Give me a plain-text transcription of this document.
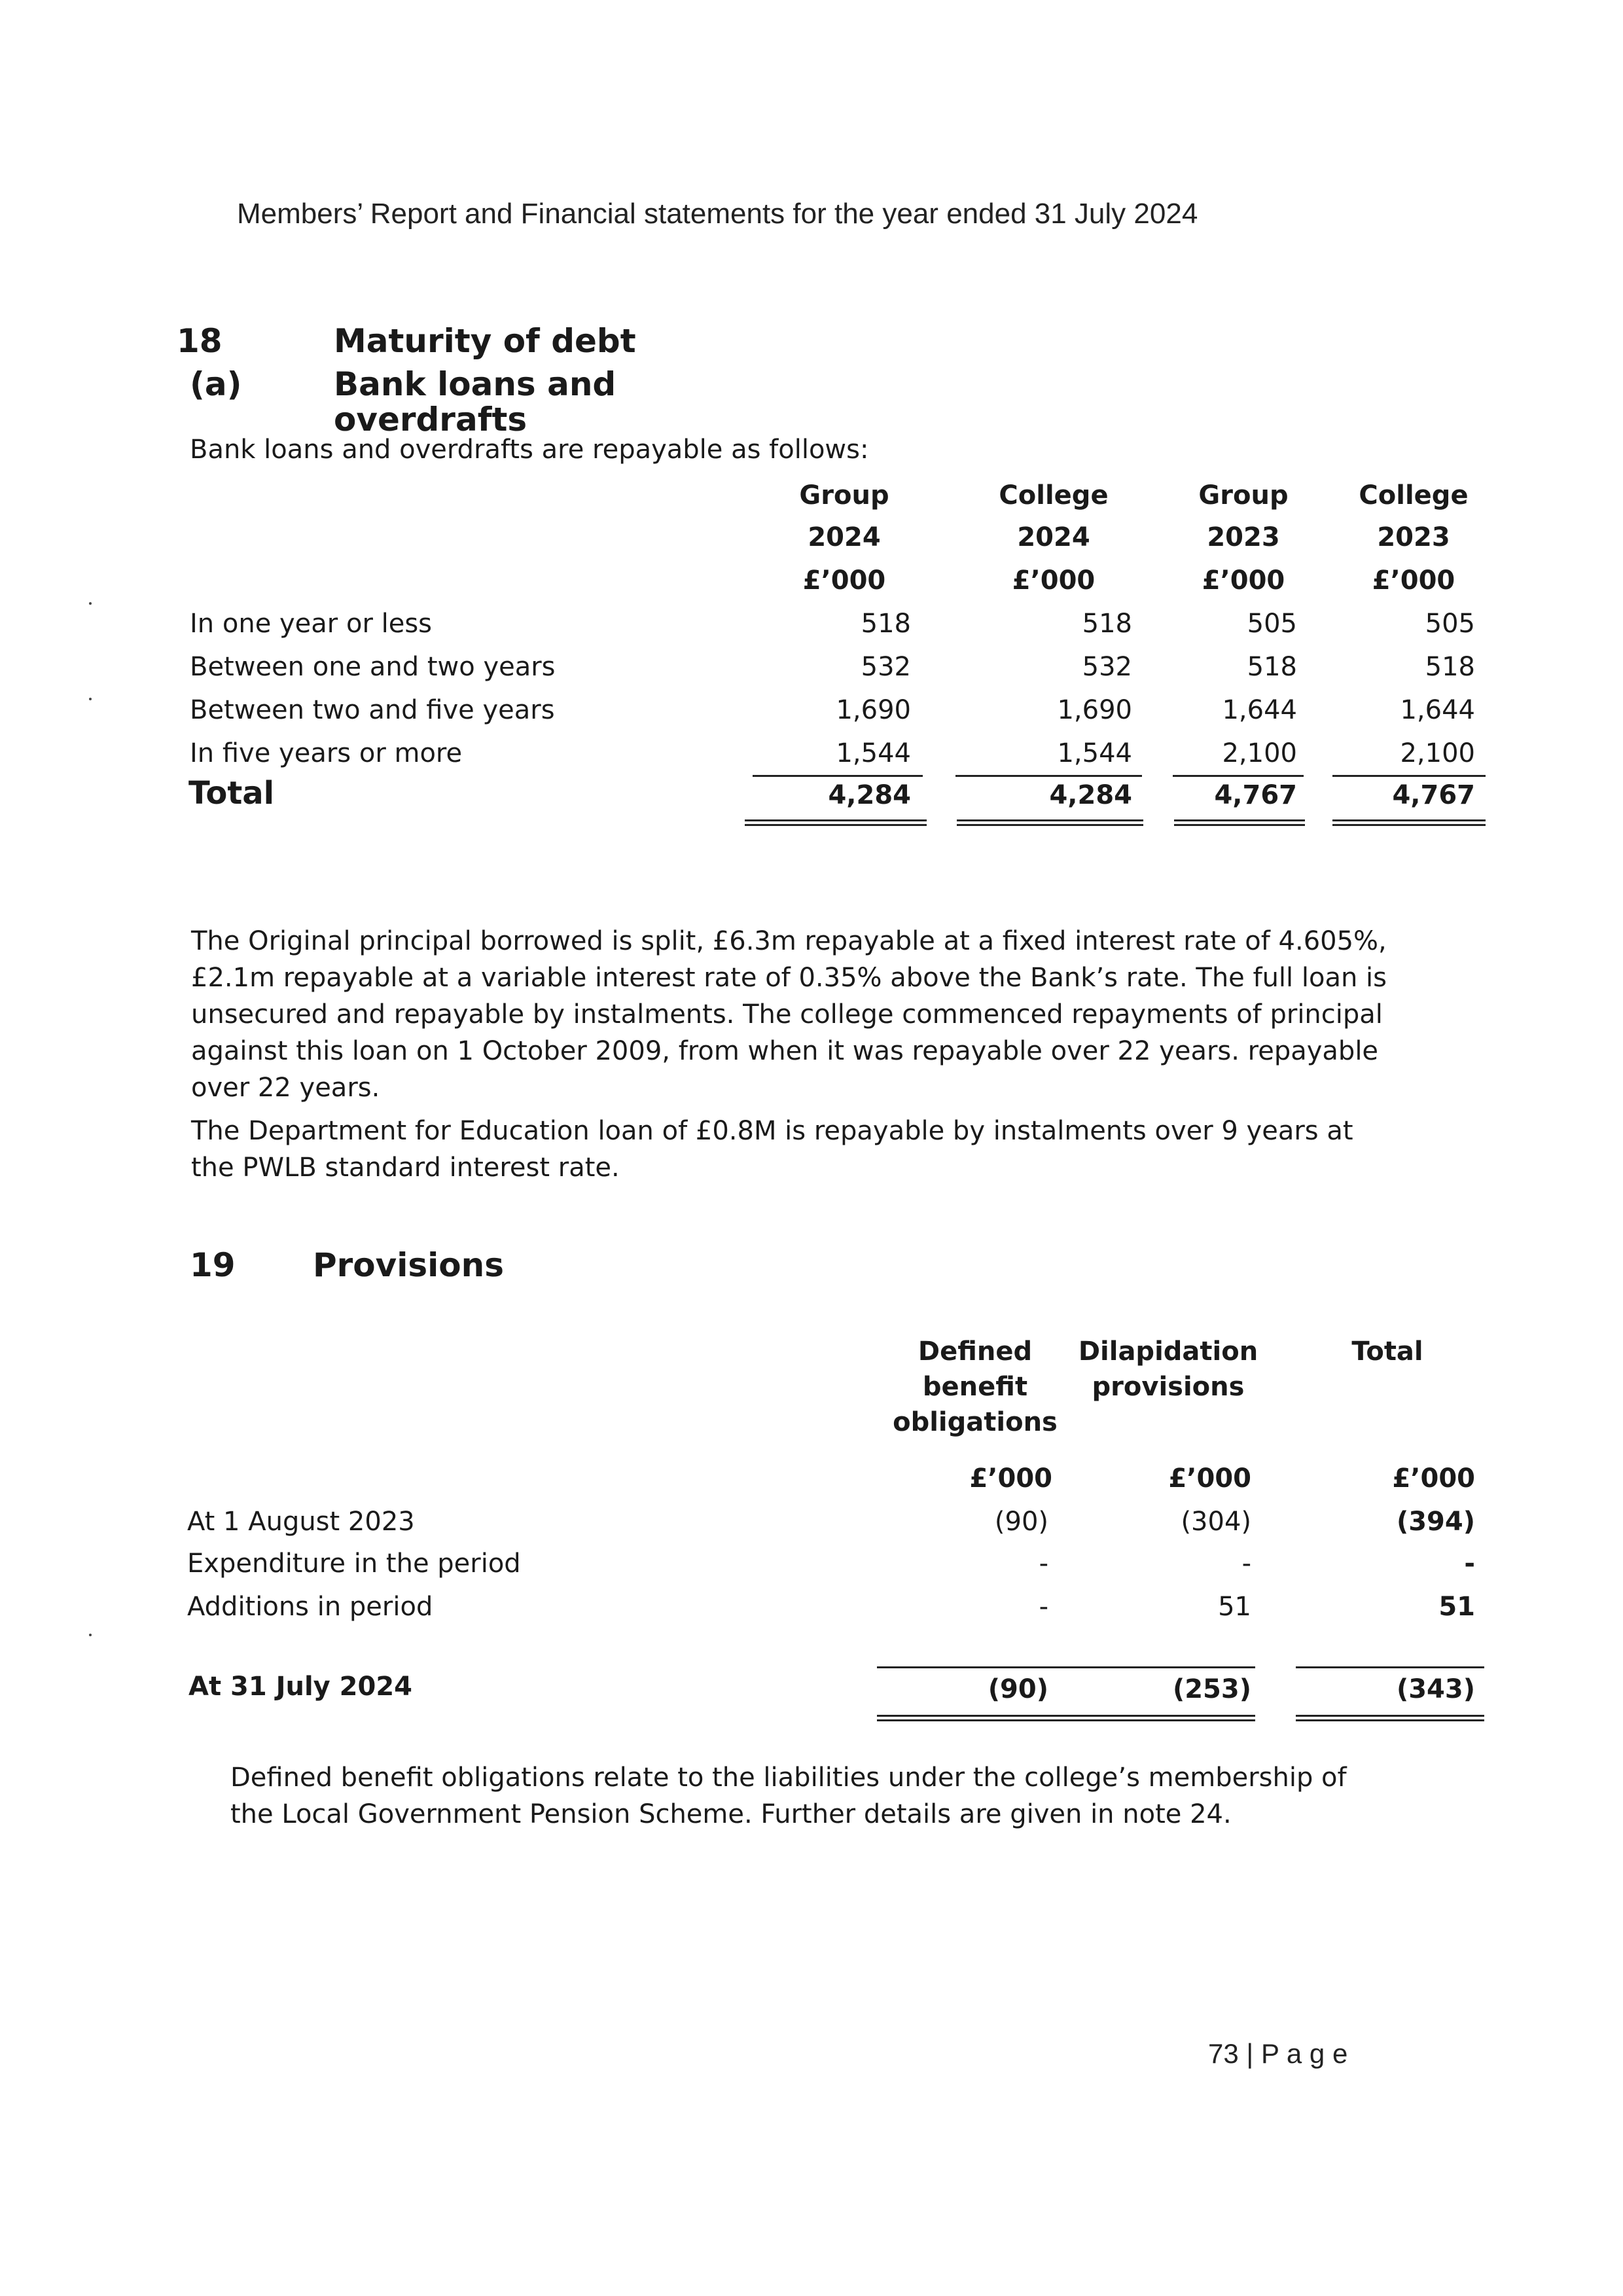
Members’ Report and Financial statements for the year ended 31 July 2024
18	Maturity of debt
(a)	Bank loans and
overdrafts
Bank loans and overdrafts are repayable as follows:
Group
2024
£’000
College
2024
£’000
Group
2023
£’000
College
2023
£’000
In one year or less	518	518	505	505
Between one and two years	532	532	518	518
Between two and five years	1,690	1,690	1,644	1,644
In five years or more	1,544	1,544	2,100	2,100
Total	4,284	4,284	4,767	4,767
The Original principal borrowed is split, £6.3m repayable at a fixed interest rate of 4.605%, £2.1m repayable at a variable interest rate of 0.35% above the Bank’s rate. The full loan is unsecured and repayable by instalments. The college commenced repayments of principal against this loan on 1 October 2009, from when it was repayable over 22 years. repayable over 22 years.
The Department for Education loan of £0.8M is repayable by instalments over 9 years at the PWLB standard interest rate.
19 Provisions
Defined
benefit
obligations
Dilapidation
provisions
Total
£’000	£’000	£’000
At 1 August 2023	(90)	(304)	(394)
Expenditure in the period	-	-	-
Additions in period	-	51	51
At 31 July 2024	(90)	(253)	(343)
Defined benefit obligations relate to the liabilities under the college’s membership of the Local Government Pension Scheme. Further details are given in note 24.
73 | P a g e
